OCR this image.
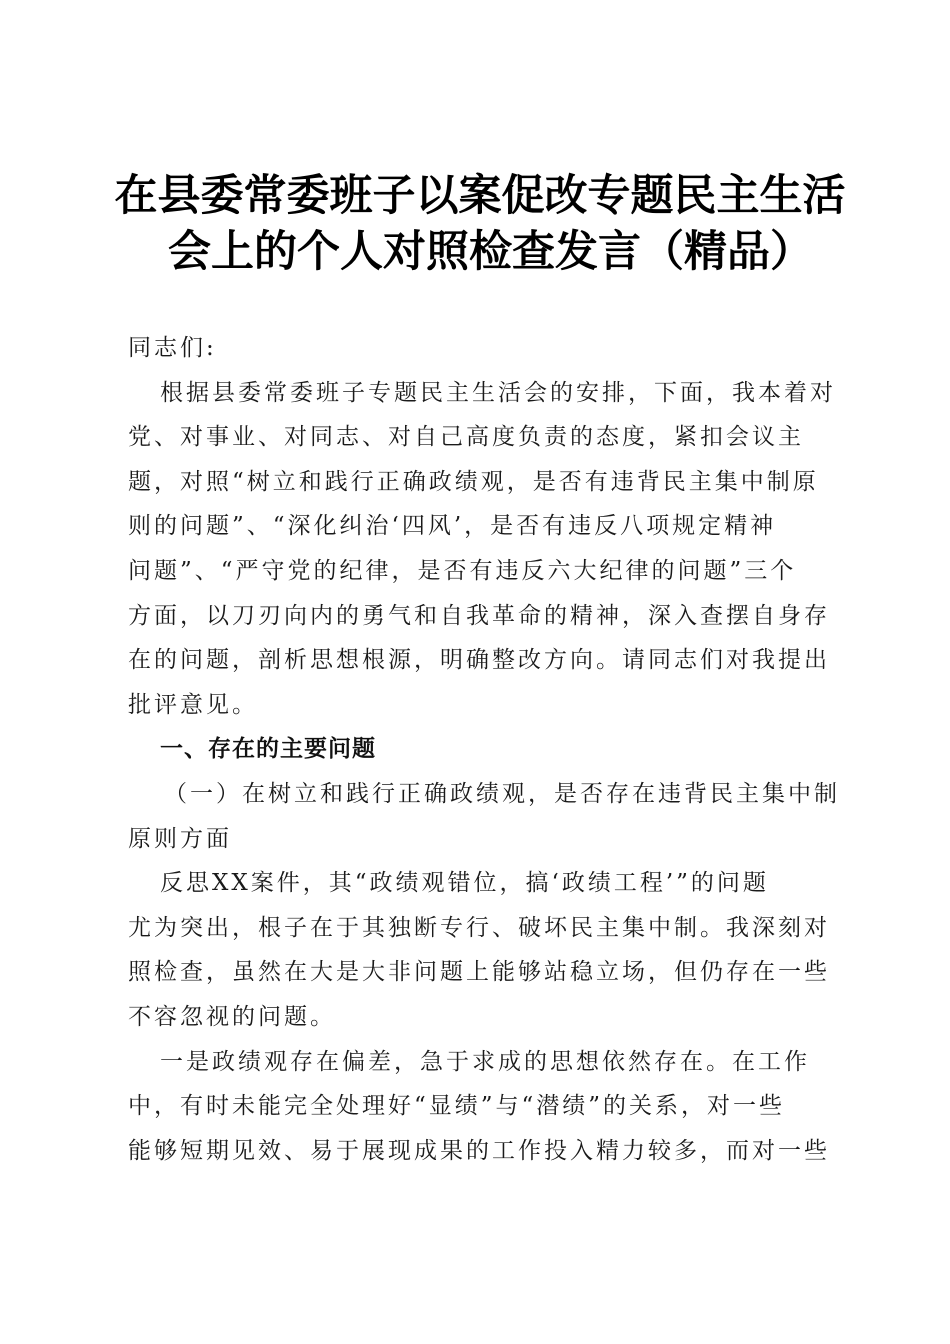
在县委常委班子以案促改专题民主生活
会上的个人对照检查发言（精品）
同志们:
根据县委常委班子专题民主生活会的安排，下面，我本着对
党、对事业、对同志、对自己高度负责的态度，紧扣会议主
题，对照“树立和践行正确政绩观，是否有违背民主集中制原
则的问题”、“深化纠治‘四风’，是否有违反八项规定精神
问题”、“严守党的纪律，是否有违反六大纪律的问题”三个
方面，以刀刃向内的勇气和自我革命的精神，深入查摆自身存
在的问题，剖析思想根源，明确整改方向。请同志们对我提出
批评意见。
一、存在的主要问题
（一）在树立和践行正确政绩观，是否存在违背民主集中制
原则方面
反思XX案件，其“政绩观错位，搞‘政绩工程’”的问题
尤为突出，根子在于其独断专行、破坏民主集中制。我深刻对
照检查，虽然在大是大非问题上能够站稳立场，但仍存在一些
不容忽视的问题。
一是政绩观存在偏差，急于求成的思想依然存在。在工作
中，有时未能完全处理好“显绩”与“潜绩”的关系，对一些
能够短期见效、易于展现成果的工作投入精力较多，而对一些
